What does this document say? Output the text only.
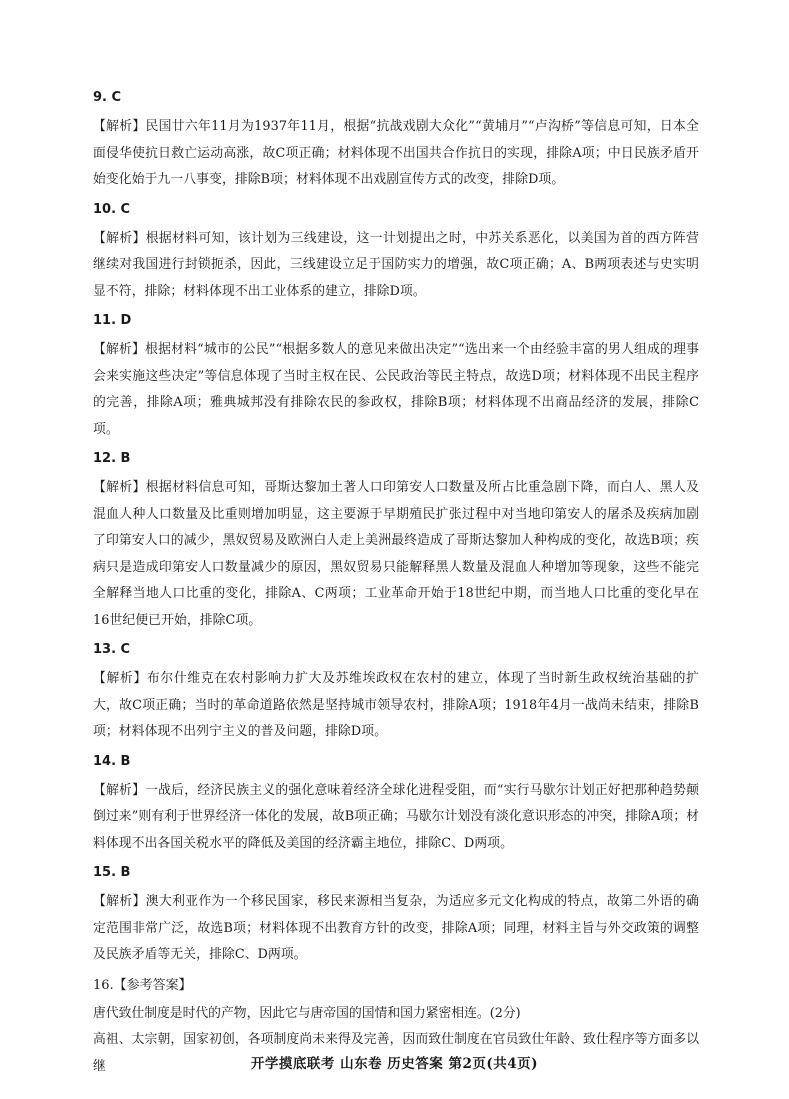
9. C
【解析】民国廿六年11月为1937年11月，根据“抗战戏剧大众化”“黄埔月”“卢沟桥”等信息可知，日本全面侵华使抗日救亡运动高涨，故C项正确；材料体现不出国共合作抗日的实现，排除A项；中日民族矛盾开始变化始于九一八事变，排除B项；材料体现不出戏剧宣传方式的改变，排除D项。
10. C
【解析】根据材料可知，该计划为三线建设，这一计划提出之时，中苏关系恶化，以美国为首的西方阵营继续对我国进行封锁扼杀，因此，三线建设立足于国防实力的增强，故C项正确；A、B两项表述与史实明显不符，排除；材料体现不出工业体系的建立，排除D项。
11. D
【解析】根据材料“城市的公民”“根据多数人的意见来做出决定”“选出来一个由经验丰富的男人组成的理事会来实施这些决定”等信息体现了当时主权在民、公民政治等民主特点，故选D项；材料体现不出民主程序的完善，排除A项；雅典城邦没有排除农民的参政权，排除B项；材料体现不出商品经济的发展，排除C项。
12. B
【解析】根据材料信息可知，哥斯达黎加土著人口印第安人口数量及所占比重急剧下降，而白人、黑人及混血人种人口数量及比重则增加明显，这主要源于早期殖民扩张过程中对当地印第安人的屠杀及疾病加剧了印第安人口的减少，黑奴贸易及欧洲白人走上美洲最终造成了哥斯达黎加人种构成的变化，故选B项；疾病只是造成印第安人口数量减少的原因，黑奴贸易只能解释黑人数量及混血人种增加等现象，这些不能完全解释当地人口比重的变化，排除A、C两项；工业革命开始于18世纪中期，而当地人口比重的变化早在16世纪便已开始，排除C项。
13. C
【解析】布尔什维克在农村影响力扩大及苏维埃政权在农村的建立，体现了当时新生政权统治基础的扩大，故C项正确；当时的革命道路依然是坚持城市领导农村，排除A项；1918年4月一战尚未结束，排除B项；材料体现不出列宁主义的普及问题，排除D项。
14. B
【解析】一战后，经济民族主义的强化意味着经济全球化进程受阻，而“实行马歇尔计划正好把那种趋势颠倒过来”则有利于世界经济一体化的发展，故B项正确；马歇尔计划没有淡化意识形态的冲突，排除A项；材料体现不出各国关税水平的降低及美国的经济霸主地位，排除C、D两项。
15. B
【解析】澳大利亚作为一个移民国家，移民来源相当复杂，为适应多元文化构成的特点，故第二外语的确定范围非常广泛，故选B项；材料体现不出教育方针的改变，排除A项；同理，材料主旨与外交政策的调整及民族矛盾等无关，排除C、D两项。
16.【参考答案】
唐代致仕制度是时代的产物，因此它与唐帝国的国情和国力紧密相连。(2分)
高祖、太宗朝，国家初创，各项制度尚未来得及完善，因而致仕制度在官员致仕年龄、致仕程序等方面多以继	开学摸底联考 山东卷 历史答案 第2页(共4页)
